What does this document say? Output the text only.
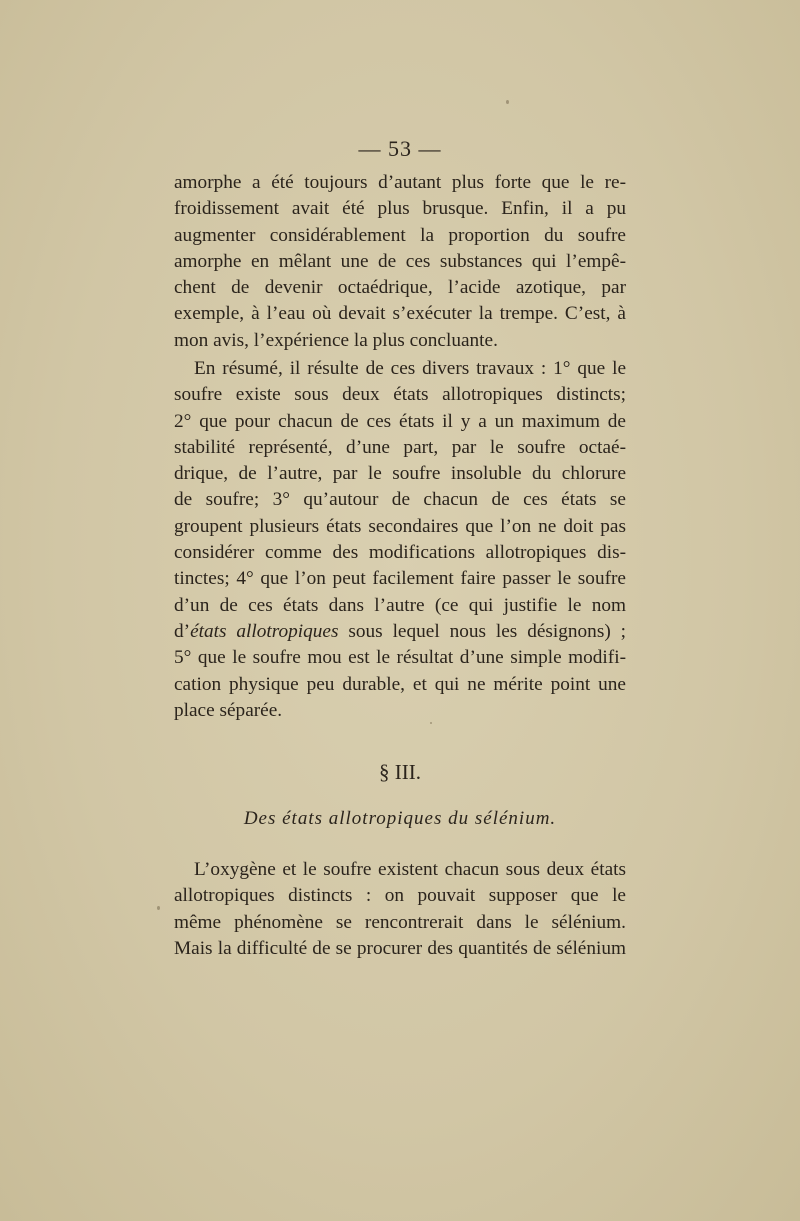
— 53 —
amorphe a été toujours d’autant plus forte que le re-
froidissement avait été plus brusque. Enfin, il a pu
augmenter considérablement la proportion du soufre
amorphe en mêlant une de ces substances qui l’empê-
chent de devenir octaédrique, l’acide azotique, par
exemple, à l’eau où devait s’exécuter la trempe. C’est, à
mon avis, l’expérience la plus concluante.
En résumé, il résulte de ces divers travaux : 1° que le
soufre existe sous deux états allotropiques distincts;
2° que pour chacun de ces états il y a un maximum de
stabilité représenté, d’une part, par le soufre octaé-
drique, de l’autre, par le soufre insoluble du chlorure
de soufre; 3° qu’autour de chacun de ces états se
groupent plusieurs états secondaires que l’on ne doit pas
considérer comme des modifications allotropiques dis-
tinctes; 4° que l’on peut facilement faire passer le soufre
d’un de ces états dans l’autre (ce qui justifie le nom
d’états allotropiques sous lequel nous les désignons) ;
5° que le soufre mou est le résultat d’une simple modifi-
cation physique peu durable, et qui ne mérite point une
place séparée.
§ III.
Des états allotropiques du sélénium.
L’oxygène et le soufre existent chacun sous deux états
allotropiques distincts : on pouvait supposer que le
même phénomène se rencontrerait dans le sélénium.
Mais la difficulté de se procurer des quantités de sélénium
